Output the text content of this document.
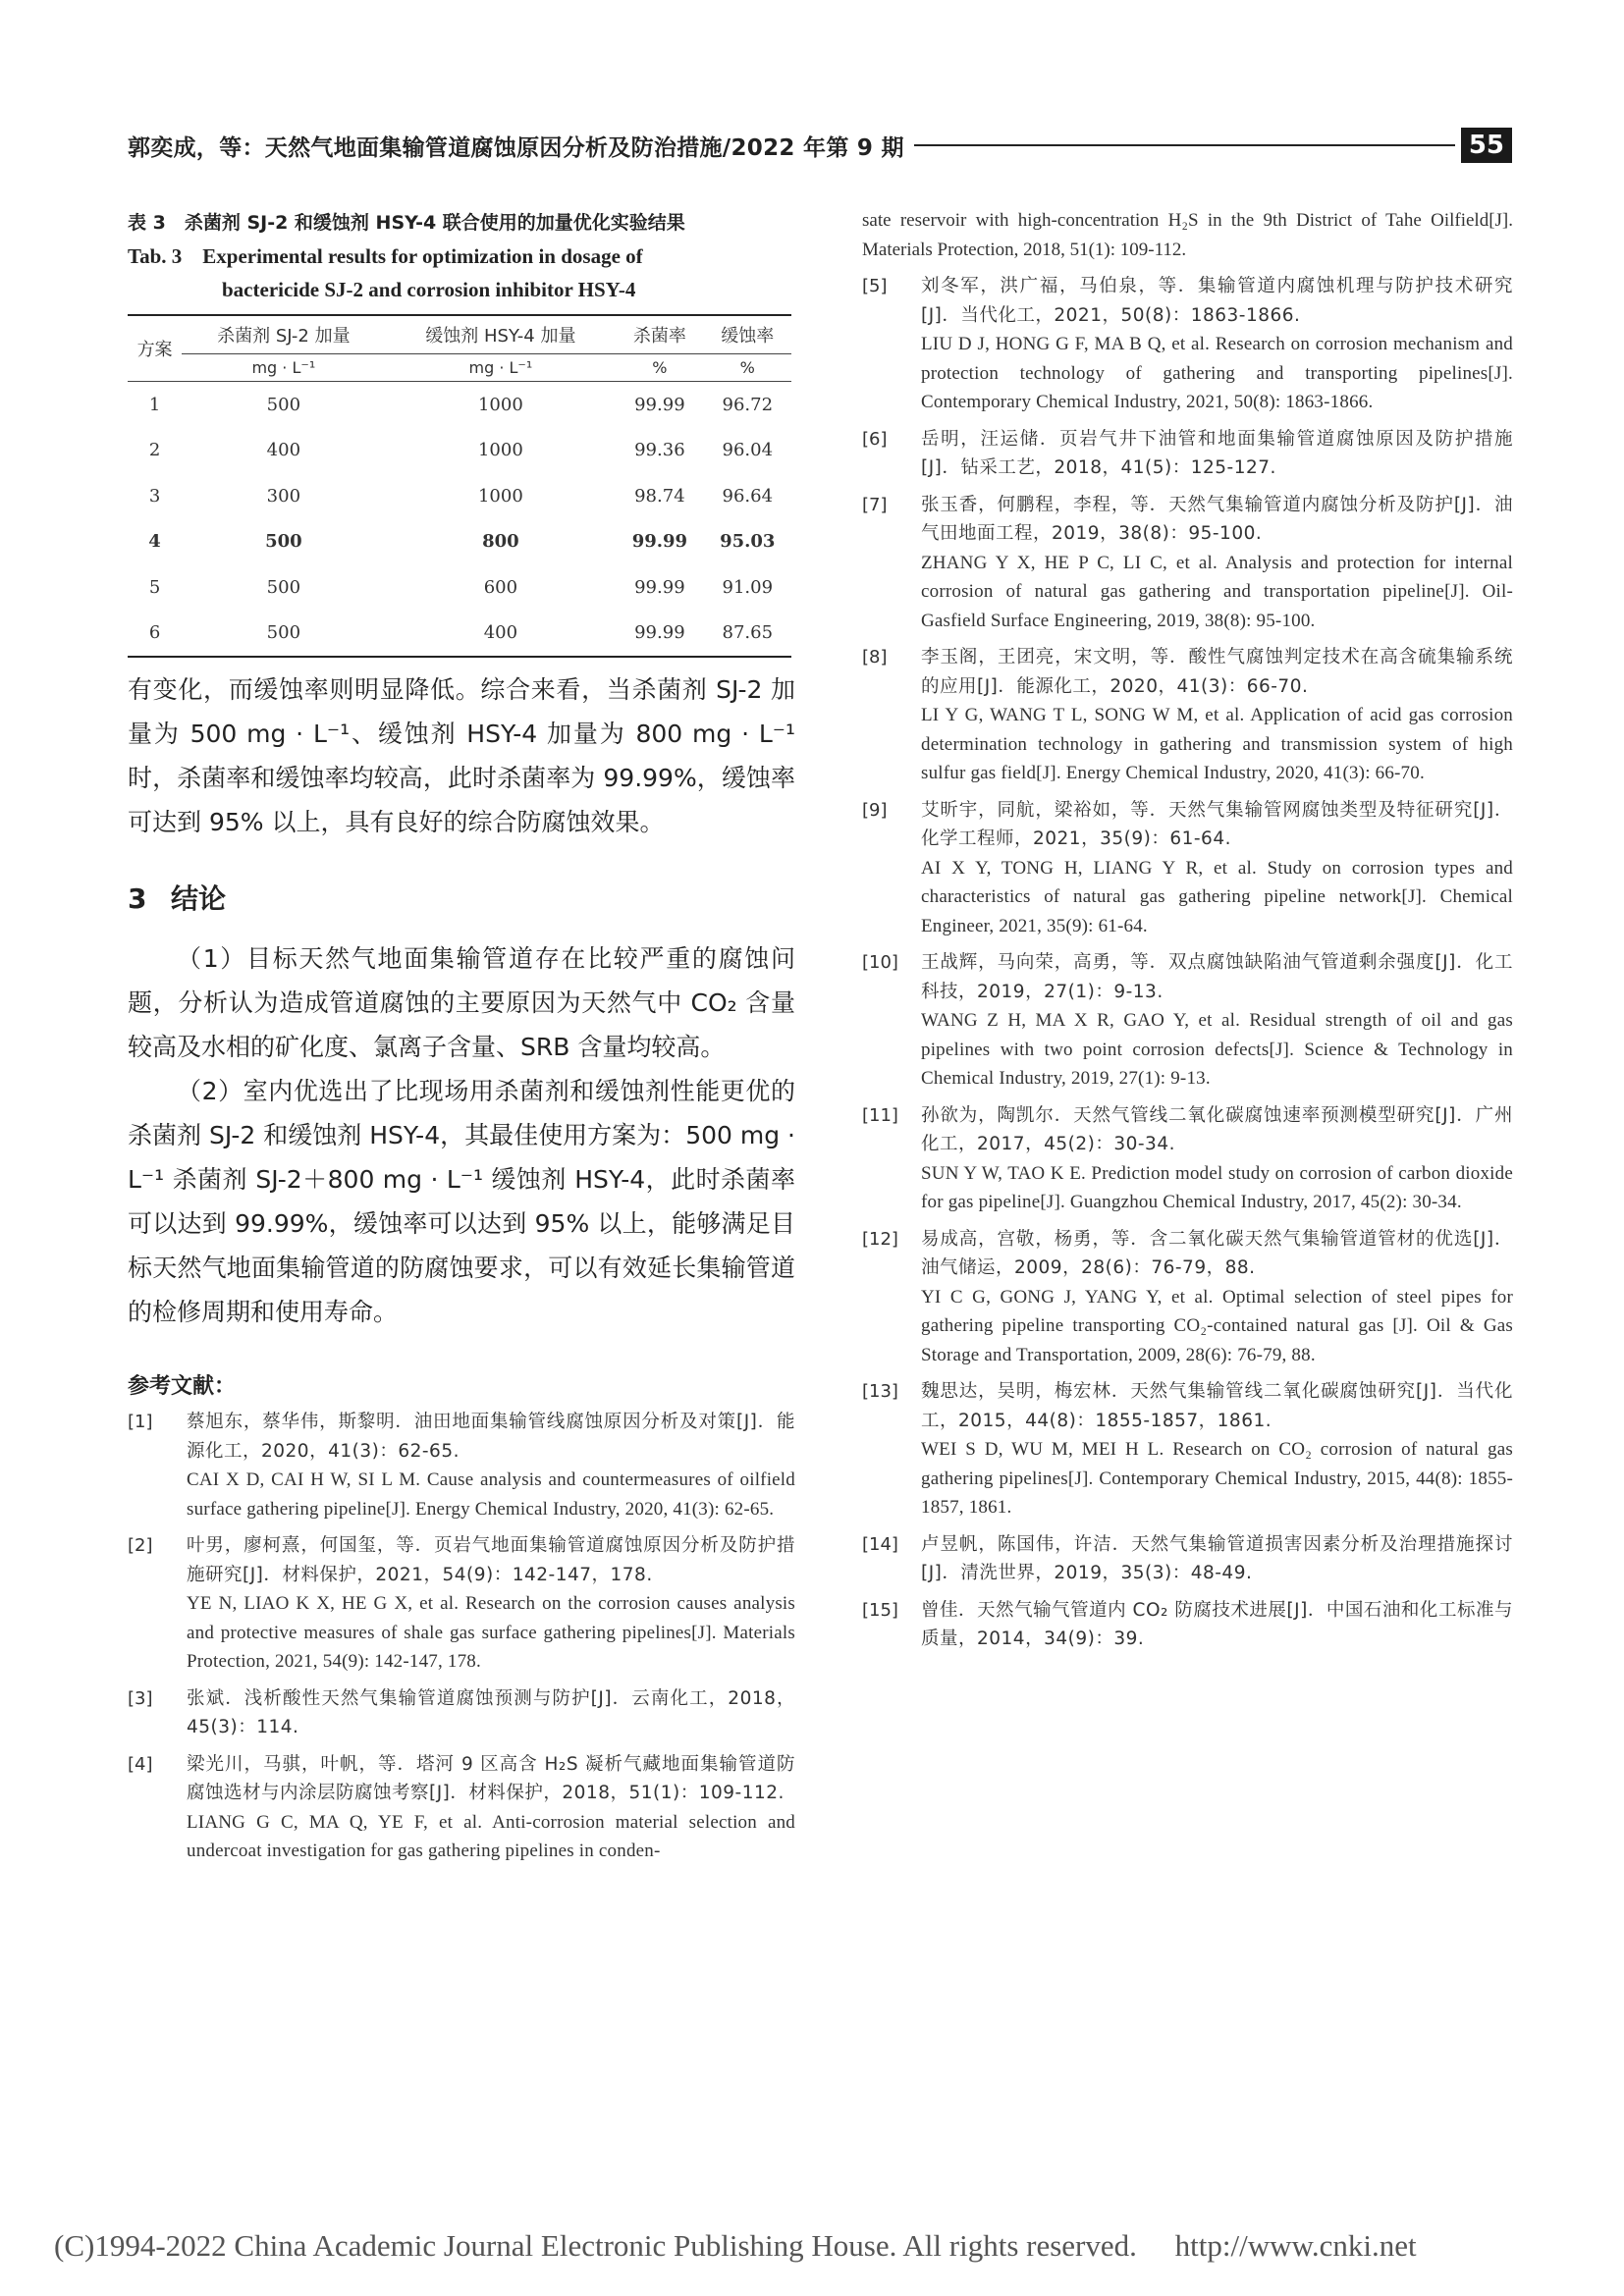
郭奕成，等：天然气地面集输管道腐蚀原因分析及防治措施/2022 年第 9 期	55
表 3　杀菌剂 SJ-2 和缓蚀剂 HSY-4 联合使用的加量优化实验结果
Tab. 3　Experimental results for optimization in dosage of
bactericide SJ-2 and corrosion inhibitor HSY-4
方案	杀菌剂 SJ-2 加量	缓蚀剂 HSY-4 加量	杀菌率	缓蚀率
	mg · L⁻¹	mg · L⁻¹	%	%
1	500	1000	99.99	96.72
2	400	1000	99.36	96.04
3	300	1000	98.74	96.64
4	500	800	99.99	95.03
5	500	600	99.99	91.09
6	500	400	99.99	87.65

有变化，而缓蚀率则明显降低。综合来看，当杀菌剂 SJ-2 加量为 500 mg · L⁻¹、缓蚀剂 HSY-4 加量为 800 mg · L⁻¹ 时，杀菌率和缓蚀率均较高，此时杀菌率为 99.99%，缓蚀率可达到 95% 以上，具有良好的综合防腐蚀效果。

3 结论

（1）目标天然气地面集输管道存在比较严重的腐蚀问题，分析认为造成管道腐蚀的主要原因为天然气中 CO₂ 含量较高及水相的矿化度、氯离子含量、SRB 含量均较高。

（2）室内优选出了比现场用杀菌剂和缓蚀剂性能更优的杀菌剂 SJ-2 和缓蚀剂 HSY-4，其最佳使用方案为：500 mg · L⁻¹ 杀菌剂 SJ-2＋800 mg · L⁻¹ 缓蚀剂 HSY-4，此时杀菌率可以达到 99.99%，缓蚀率可以达到 95% 以上，能够满足目标天然气地面集输管道的防腐蚀要求，可以有效延长集输管道的检修周期和使用寿命。

参考文献：
[1]	蔡旭东，蔡华伟，斯黎明．油田地面集输管线腐蚀原因分析及对策[J]．能源化工，2020，41(3)：62-65.
CAI X D, CAI H W, SI L M. Cause analysis and countermeasures of oilfield surface gathering pipeline[J]. Energy Chemical Industry, 2020, 41(3): 62-65.
[2]	叶男，廖柯熹，何国玺，等．页岩气地面集输管道腐蚀原因分析及防护措施研究[J]．材料保护，2021，54(9)：142-147，178.
YE N, LIAO K X, HE G X, et al. Research on the corrosion causes analysis and protective measures of shale gas surface gathering pipelines[J]. Materials Protection, 2021, 54(9): 142-147, 178.
[3]	张斌．浅析酸性天然气集输管道腐蚀预测与防护[J]．云南化工，2018，45(3)：114.
[4]	梁光川，马骐，叶帆，等．塔河 9 区高含 H₂S 凝析气藏地面集输管道防腐蚀选材与内涂层防腐蚀考察[J]．材料保护，2018，51(1)：109-112.
LIANG G C, MA Q, YE F, et al. Anti-corrosion material selection and undercoat investigation for gas gathering pipelines in conden-
sate reservoir with high-concentration H₂S in the 9th District of Tahe Oilfield[J]. Materials Protection, 2018, 51(1): 109-112.
[5]	刘冬军，洪广福，马伯泉，等．集输管道内腐蚀机理与防护技术研究[J]．当代化工，2021，50(8)：1863-1866.
LIU D J, HONG G F, MA B Q, et al. Research on corrosion mechanism and protection technology of gathering and transporting pipelines[J]. Contemporary Chemical Industry, 2021, 50(8): 1863-1866.
[6]	岳明，汪运储．页岩气井下油管和地面集输管道腐蚀原因及防护措施[J]．钻采工艺，2018，41(5)：125-127.
[7]	张玉香，何鹏程，李程，等．天然气集输管道内腐蚀分析及防护[J]．油气田地面工程，2019，38(8)：95-100.
ZHANG Y X, HE P C, LI C, et al. Analysis and protection for internal corrosion of natural gas gathering and transportation pipeline[J]. Oil-Gasfield Surface Engineering, 2019, 38(8): 95-100.
[8]	李玉阁，王团亮，宋文明，等．酸性气腐蚀判定技术在高含硫集输系统的应用[J]．能源化工，2020，41(3)：66-70.
LI Y G, WANG T L, SONG W M, et al. Application of acid gas corrosion determination technology in gathering and transmission system of high sulfur gas field[J]. Energy Chemical Industry, 2020, 41(3): 66-70.
[9]	艾昕宇，同航，梁裕如，等．天然气集输管网腐蚀类型及特征研究[J]．化学工程师，2021，35(9)：61-64.
AI X Y, TONG H, LIANG Y R, et al. Study on corrosion types and characteristics of natural gas gathering pipeline network[J]. Chemical Engineer, 2021, 35(9): 61-64.
[10]	王战辉，马向荣，高勇，等．双点腐蚀缺陷油气管道剩余强度[J]．化工科技，2019，27(1)：9-13.
WANG Z H, MA X R, GAO Y, et al. Residual strength of oil and gas pipelines with two point corrosion defects[J]. Science & Technology in Chemical Industry, 2019, 27(1): 9-13.
[11]	孙欲为，陶凯尔．天然气管线二氧化碳腐蚀速率预测模型研究[J]．广州化工，2017，45(2)：30-34.
SUN Y W, TAO K E. Prediction model study on corrosion of carbon dioxide for gas pipeline[J]. Guangzhou Chemical Industry, 2017, 45(2): 30-34.
[12]	易成高，宫敬，杨勇，等．含二氧化碳天然气集输管道管材的优选[J]．油气储运，2009，28(6)：76-79，88.
YI C G, GONG J, YANG Y, et al. Optimal selection of steel pipes for gathering pipeline transporting CO₂-contained natural gas [J]. Oil & Gas Storage and Transportation, 2009, 28(6): 76-79, 88.
[13]	魏思达，吴明，梅宏林．天然气集输管线二氧化碳腐蚀研究[J]．当代化工，2015，44(8)：1855-1857，1861.
WEI S D, WU M, MEI H L. Research on CO₂ corrosion of natural gas gathering pipelines[J]. Contemporary Chemical Industry, 2015, 44(8): 1855-1857, 1861.
[14]	卢昱帆，陈国伟，许洁．天然气集输管道损害因素分析及治理措施探讨[J]．清洗世界，2019，35(3)：48-49.
[15]	曾佳．天然气输气管道内 CO₂ 防腐技术进展[J]．中国石油和化工标准与质量，2014，34(9)：39.
(C)1994-2022 China Academic Journal Electronic Publishing House. All rights reserved.　 http://www.cnki.net
